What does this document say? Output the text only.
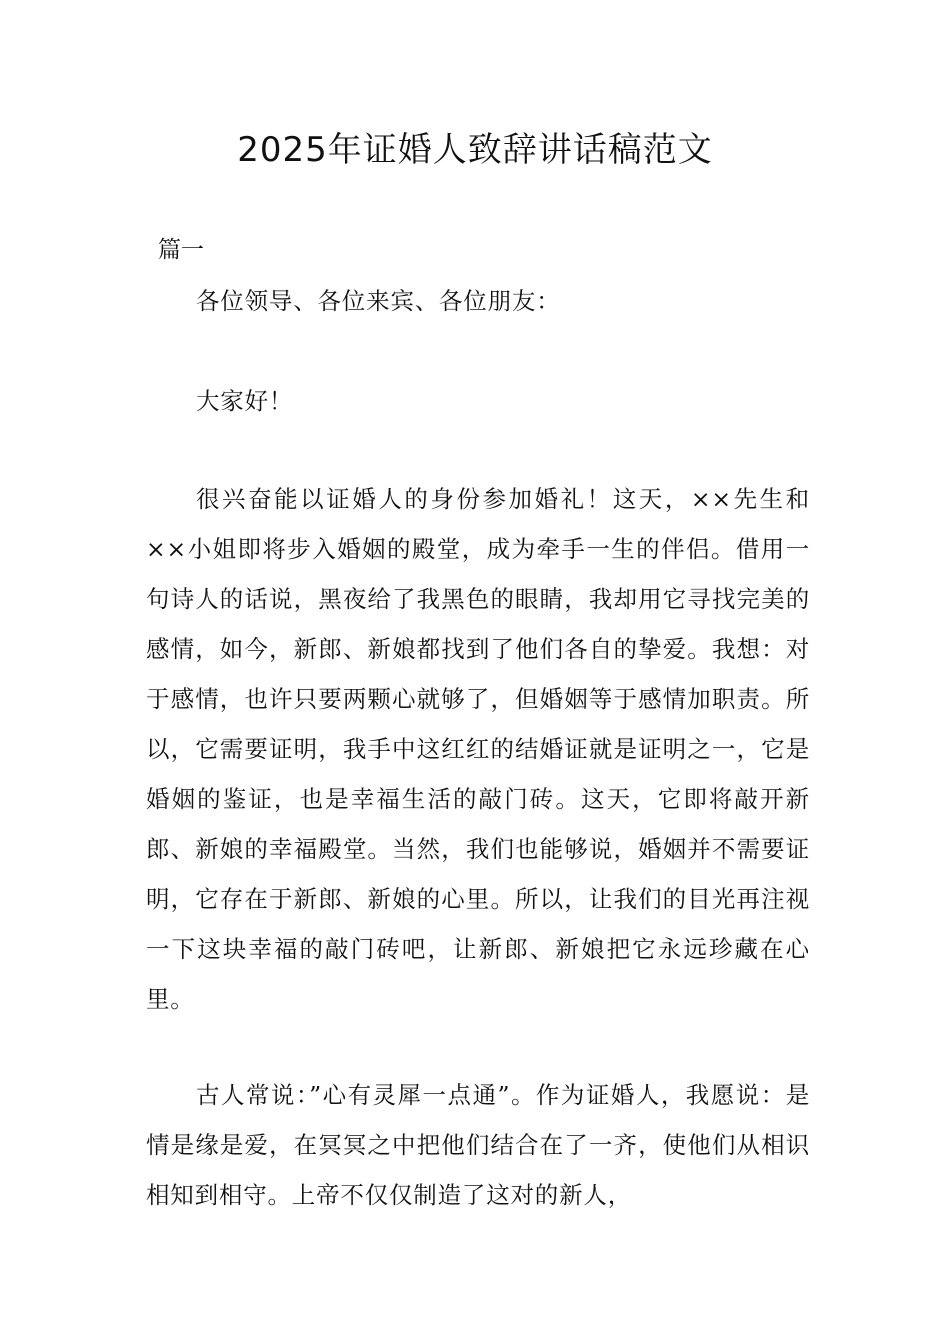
2025年证婚人致辞讲话稿范文

篇一

各位领导、各位来宾、各位朋友：

大家好！

很兴奋能以证婚人的身份参加婚礼！这天，××先生和××小姐即将步入婚姻的殿堂，成为牵手一生的伴侣。借用一句诗人的话说，黑夜给了我黑色的眼睛，我却用它寻找完美的感情，如今，新郎、新娘都找到了他们各自的挚爱。我想：对于感情，也许只要两颗心就够了，但婚姻等于感情加职责。所以，它需要证明，我手中这红红的结婚证就是证明之一，它是婚姻的鉴证，也是幸福生活的敲门砖。这天，它即将敲开新郎、新娘的幸福殿堂。当然，我们也能够说，婚姻并不需要证明，它存在于新郎、新娘的心里。所以，让我们的目光再注视一下这块幸福的敲门砖吧，让新郎、新娘把它永远珍藏在心里。

古人常说：”心有灵犀一点通”。作为证婚人，我愿说：是情是缘是爱，在冥冥之中把他们结合在了一齐，使他们从相识相知到相守。上帝不仅仅制造了这对的新人，
